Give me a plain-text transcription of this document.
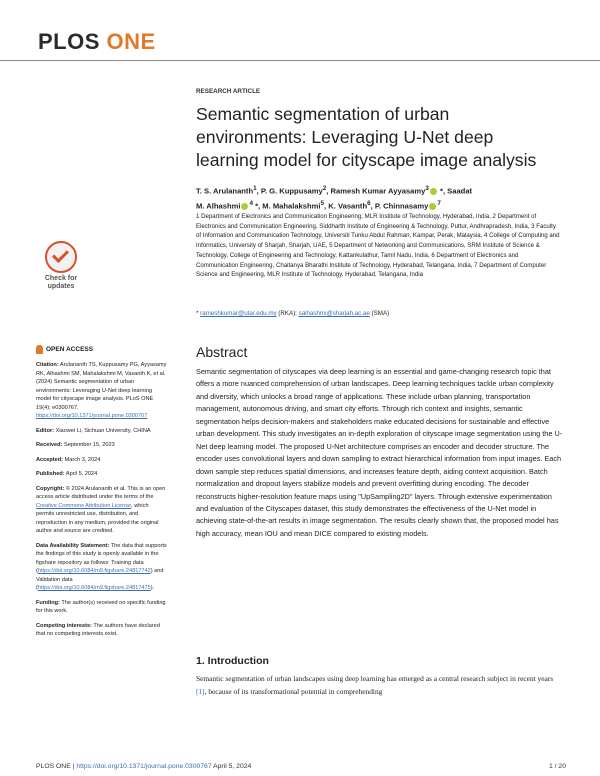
PLOS ONE
RESEARCH ARTICLE
Semantic segmentation of urban environments: Leveraging U-Net deep learning model for cityscape image analysis
T. S. Arulananth$^1$, P. G. Kuppusamy$^2$, Ramesh Kumar Ayyasamy$^3$ *, Saadat
M. Alhashmi $^4$ *, M. Mahalakshmi$^5$, K. Vasanth$^6$, P. Chinnasamy $^7$
1 Department of Electronics and Communication Engineering, MLR Institute of Technology, Hyderabad, India, 2 Department of Electronics and Communication Engineering, Siddharth Institute of Engineering & Technology, Puttur, Andhrapradesh, India, 3 Faculty of Information and Communication Technology, Universiti Tunku Abdul Rahman, Kampar, Perak, Malaysia, 4 College of Computing and Informatics, University of Sharjah, Sharjah, UAE, 5 Department of Networking and Communications, SRM Institute of Science & Technology, College of Engineering and Technology, Kattankulathur, Tamil Nadu, India, 6 Department of Electronics and Communication Engineering, Chaitanya Bharathi Institute of Technology, Hyderabad, Telangana, India, 7 Department of Computer Science and Engineering, MLR Institute of Technology, Hyderabad, Telangana, India
* rameshkumar@utar.edu.my (RKA); salhashmi@sharjah.ac.ae (SMA)
Check for updates
OPEN ACCESS

Citation: Arulananth TS, Kuppusamy PG, Ayyasamy RK, Alhashmi SM, Mahalakshmi M, Vasanth K, et al. (2024) Semantic segmentation of urban environments: Leveraging U-Net deep learning model for cityscape image analysis. PLoS ONE 19(4): e0300767. https://doi.org/10.1371/journal.pone.0300767

Editor: Xiaowei Li, Sichuan University, CHINA

Received: September 15, 2023

Accepted: March 3, 2024

Published: April 5, 2024

Copyright: © 2024 Arulananth et al. This is an open access article distributed under the terms of the Creative Commons Attribution License, which permits unrestricted use, distribution, and reproduction in any medium, provided the original author and source are credited.

Data Availability Statement: The data that supports the findings of this study is openly available in the figshare repository as follows: Training data (https://doi.org/10.6084/m9.figshare.24817742) and Validation data (https://doi.org/10.6084/m9.figshare.24817475).

Funding: The author(s) received no specific funding for this work.

Competing interests: The authors have declared that no competing interests exist.

Abstract
Semantic segmentation of cityscapes via deep learning is an essential and game-changing research topic that offers a more nuanced comprehension of urban landscapes. Deep learning techniques tackle urban complexity and diversity, which unlocks a broad range of applications. These include urban planning, transportation management, autonomous driving, and smart city efforts. Through rich context and insights, semantic segmentation helps decision-makers and stakeholders make educated decisions for sustainable and effective urban development. This study investigates an in-depth exploration of cityscape image segmentation using the U-Net deep learning model. The proposed U-Net architecture comprises an encoder and decoder structure. The encoder uses convolutional layers and down sampling to extract hierarchical information from input images. Each down sample step reduces spatial dimensions, and increases feature depth, aiding context acquisition. Batch normalization and dropout layers stabilize models and prevent overfitting during encoding. The decoder reconstructs higher-resolution feature maps using "UpSampling2D" layers. Through extensive experimentation and evaluation of the Cityscapes dataset, this study demonstrates the effectiveness of the U-Net model in achieving state-of-the-art results in image segmentation. The results clearly shown that, the proposed model has high accuracy, mean IOU and mean DICE compared to existing models.
1. Introduction
Semantic segmentation of urban landscapes using deep learning has emerged as a central research subject in recent years [1], because of its transformational potential in comprehending
PLOS ONE | https://doi.org/10.1371/journal.pone.0300767 April 5, 2024	1 / 20
